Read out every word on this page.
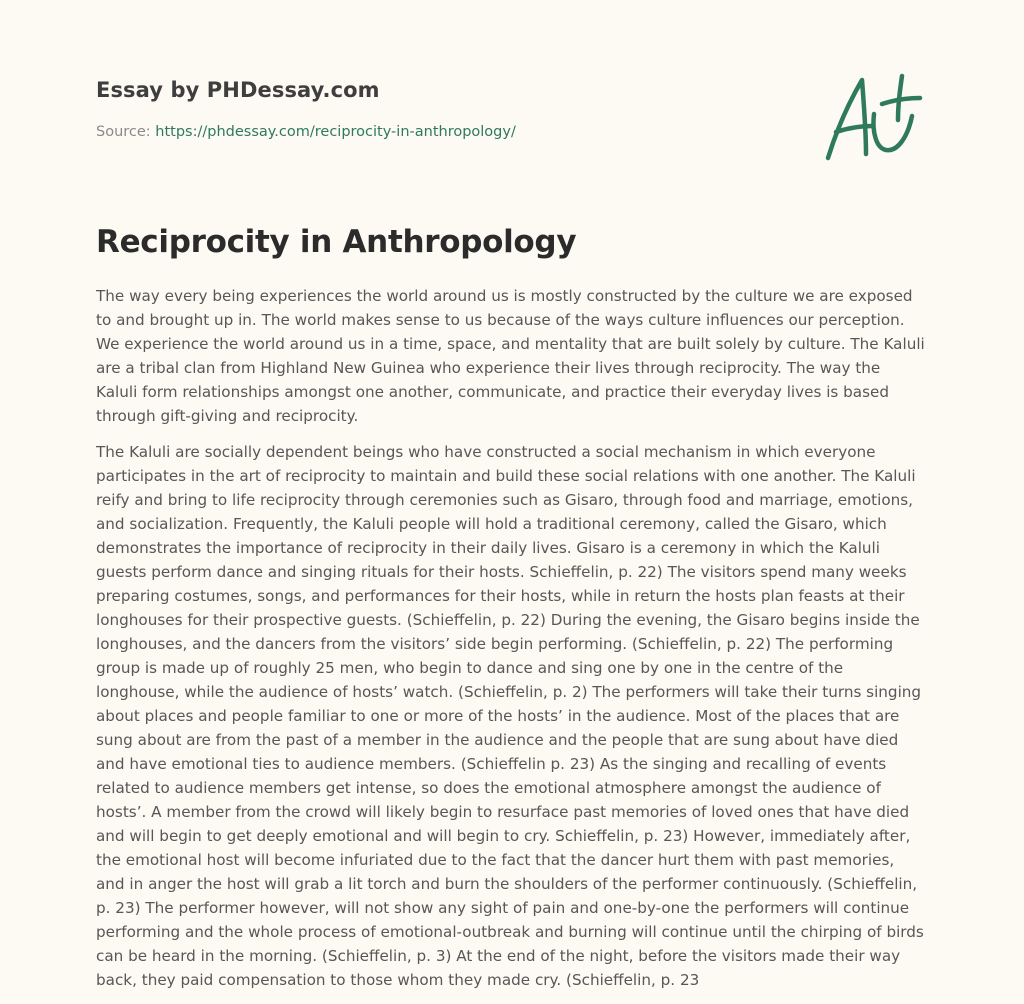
Essay by PHDessay.com
Source: https://phdessay.com/reciprocity-in-anthropology/
Reciprocity in Anthropology

The way every being experiences the world around us is mostly constructed by the culture we are exposed to and brought up in. The world makes sense to us because of the ways culture influences our perception. We experience the world around us in a time, space, and mentality that are built solely by culture. The Kaluli are a tribal clan from Highland New Guinea who experience their lives through reciprocity. The way the Kaluli form relationships amongst one another, communicate, and practice their everyday lives is based through gift-giving and reciprocity.

The Kaluli are socially dependent beings who have constructed a social mechanism in which everyone participates in the art of reciprocity to maintain and build these social relations with one another. The Kaluli reify and bring to life reciprocity through ceremonies such as Gisaro, through food and marriage, emotions, and socialization. Frequently, the Kaluli people will hold a traditional ceremony, called the Gisaro, which demonstrates the importance of reciprocity in their daily lives. Gisaro is a ceremony in which the Kaluli guests perform dance and singing rituals for their hosts. Schieffelin, p. 22) The visitors spend many weeks preparing costumes, songs, and performances for their hosts, while in return the hosts plan feasts at their longhouses for their prospective guests. (Schieffelin, p. 22) During the evening, the Gisaro begins inside the longhouses, and the dancers from the visitors’ side begin performing. (Schieffelin, p. 22) The performing group is made up of roughly 25 men, who begin to dance and sing one by one in the centre of the longhouse, while the audience of hosts’ watch. (Schieffelin, p. 2) The performers will take their turns singing about places and people familiar to one or more of the hosts’ in the audience. Most of the places that are sung about are from the past of a member in the audience and the people that are sung about have died and have emotional ties to audience members. (Schieffelin p. 23) As the singing and recalling of events related to audience members get intense, so does the emotional atmosphere amongst the audience of hosts’. A member from the crowd will likely begin to resurface past memories of loved ones that have died and will begin to get deeply emotional and will begin to cry. Schieffelin, p. 23) However, immediately after, the emotional host will become infuriated due to the fact that the dancer hurt them with past memories, and in anger the host will grab a lit torch and burn the shoulders of the performer continuously. (Schieffelin, p. 23) The performer however, will not show any sight of pain and one-by-one the performers will continue performing and the whole process of emotional-outbreak and burning will continue until the chirping of birds can be heard in the morning. (Schieffelin, p. 3) At the end of the night, before the visitors made their way back, they paid compensation to those whom they made cry. (Schieffelin, p. 23
